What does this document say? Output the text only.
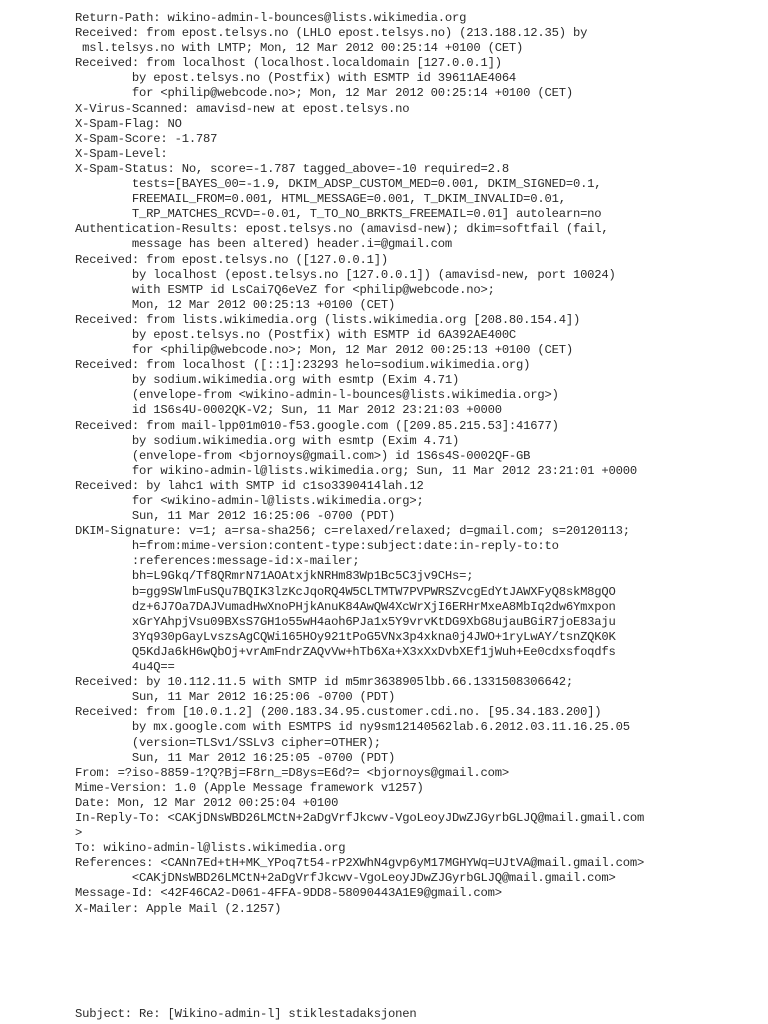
Return-Path: wikino-admin-l-bounces@lists.wikimedia.org
Received: from epost.telsys.no (LHLO epost.telsys.no) (213.188.12.35) by
msl.telsys.no with LMTP; Mon, 12 Mar 2012 00:25:14 +0100 (CET)
Received: from localhost (localhost.localdomain [127.0.0.1])
by epost.telsys.no (Postfix) with ESMTP id 39611AE4064
for <philip@webcode.no>; Mon, 12 Mar 2012 00:25:14 +0100 (CET)
X-Virus-Scanned: amavisd-new at epost.telsys.no
X-Spam-Flag: NO
X-Spam-Score: -1.787
X-Spam-Level:
X-Spam-Status: No, score=-1.787 tagged_above=-10 required=2.8
tests=[BAYES_00=-1.9, DKIM_ADSP_CUSTOM_MED=0.001, DKIM_SIGNED=0.1,
FREEMAIL_FROM=0.001, HTML_MESSAGE=0.001, T_DKIM_INVALID=0.01,
T_RP_MATCHES_RCVD=-0.01, T_TO_NO_BRKTS_FREEMAIL=0.01] autolearn=no
Authentication-Results: epost.telsys.no (amavisd-new); dkim=softfail (fail,
message has been altered) header.i=@gmail.com
Received: from epost.telsys.no ([127.0.0.1])
by localhost (epost.telsys.no [127.0.0.1]) (amavisd-new, port 10024)
with ESMTP id LsCai7Q6eVeZ for <philip@webcode.no>;
Mon, 12 Mar 2012 00:25:13 +0100 (CET)
Received: from lists.wikimedia.org (lists.wikimedia.org [208.80.154.4])
by epost.telsys.no (Postfix) with ESMTP id 6A392AE400C
for <philip@webcode.no>; Mon, 12 Mar 2012 00:25:13 +0100 (CET)
Received: from localhost ([::1]:23293 helo=sodium.wikimedia.org)
by sodium.wikimedia.org with esmtp (Exim 4.71)
(envelope-from <wikino-admin-l-bounces@lists.wikimedia.org>)
id 1S6s4U-0002QK-V2; Sun, 11 Mar 2012 23:21:03 +0000
Received: from mail-lpp01m010-f53.google.com ([209.85.215.53]:41677)
by sodium.wikimedia.org with esmtp (Exim 4.71)
(envelope-from <bjornoys@gmail.com>) id 1S6s4S-0002QF-GB
for wikino-admin-l@lists.wikimedia.org; Sun, 11 Mar 2012 23:21:01 +0000
Received: by lahc1 with SMTP id c1so3390414lah.12
for <wikino-admin-l@lists.wikimedia.org>;
Sun, 11 Mar 2012 16:25:06 -0700 (PDT)
DKIM-Signature: v=1; a=rsa-sha256; c=relaxed/relaxed; d=gmail.com; s=20120113;
h=from:mime-version:content-type:subject:date:in-reply-to:to
:references:message-id:x-mailer;
bh=L9Gkq/Tf8QRmrN71AOAtxjkNRHm83Wp1Bc5C3jv9CHs=;
b=gg9SWlmFuSQu7BQIK3lzKcJqoRQ4W5CLTMTW7PVPWRSZvcgEdYtJAWXFyQ8skM8gQO
dz+6J7Oa7DAJVumadHwXnoPHjkAnuK84AwQW4XcWrXjI6ERHrMxeA8MbIq2dw6Ymxpon
xGrYAhpjVsu09BXsS7GH1o55wH4aoh6PJa1x5Y9vrvKtDG9XbG8ujauBGiR7joE83aju
3Yq930pGayLvszsAgCQWi165HOy921tPoG5VNx3p4xkna0j4JWO+1ryLwAY/tsnZQK0K
Q5KdJa6kH6wQbOj+vrAmFndrZAQvVw+hTb6Xa+X3xXxDvbXEf1jWuh+Ee0cdxsfoqdfs
4u4Q==
Received: by 10.112.11.5 with SMTP id m5mr3638905lbb.66.1331508306642;
Sun, 11 Mar 2012 16:25:06 -0700 (PDT)
Received: from [10.0.1.2] (200.183.34.95.customer.cdi.no. [95.34.183.200])
by mx.google.com with ESMTPS id ny9sm12140562lab.6.2012.03.11.16.25.05
(version=TLSv1/SSLv3 cipher=OTHER);
Sun, 11 Mar 2012 16:25:05 -0700 (PDT)
From: =?iso-8859-1?Q?Bj=F8rn_=D8ys=E6d?= <bjornoys@gmail.com>
Mime-Version: 1.0 (Apple Message framework v1257)
Date: Mon, 12 Mar 2012 00:25:04 +0100
In-Reply-To: <CAKjDNsWBD26LMCtN+2aDgVrfJkcwv-VgoLeoyJDwZJGyrbGLJQ@mail.gmail.com
>
To: wikino-admin-l@lists.wikimedia.org
References: <CANn7Ed+tH+MK_YPoq7t54-rP2XWhN4gvp6yM17MGHYWq=UJtVA@mail.gmail.com>
<CAKjDNsWBD26LMCtN+2aDgVrfJkcwv-VgoLeoyJDwZJGyrbGLJQ@mail.gmail.com>
Message-Id: <42F46CA2-D061-4FFA-9DD8-58090443A1E9@gmail.com>
X-Mailer: Apple Mail (2.1257)
Subject: Re: [Wikino-admin-l] stiklestadaksjonen
